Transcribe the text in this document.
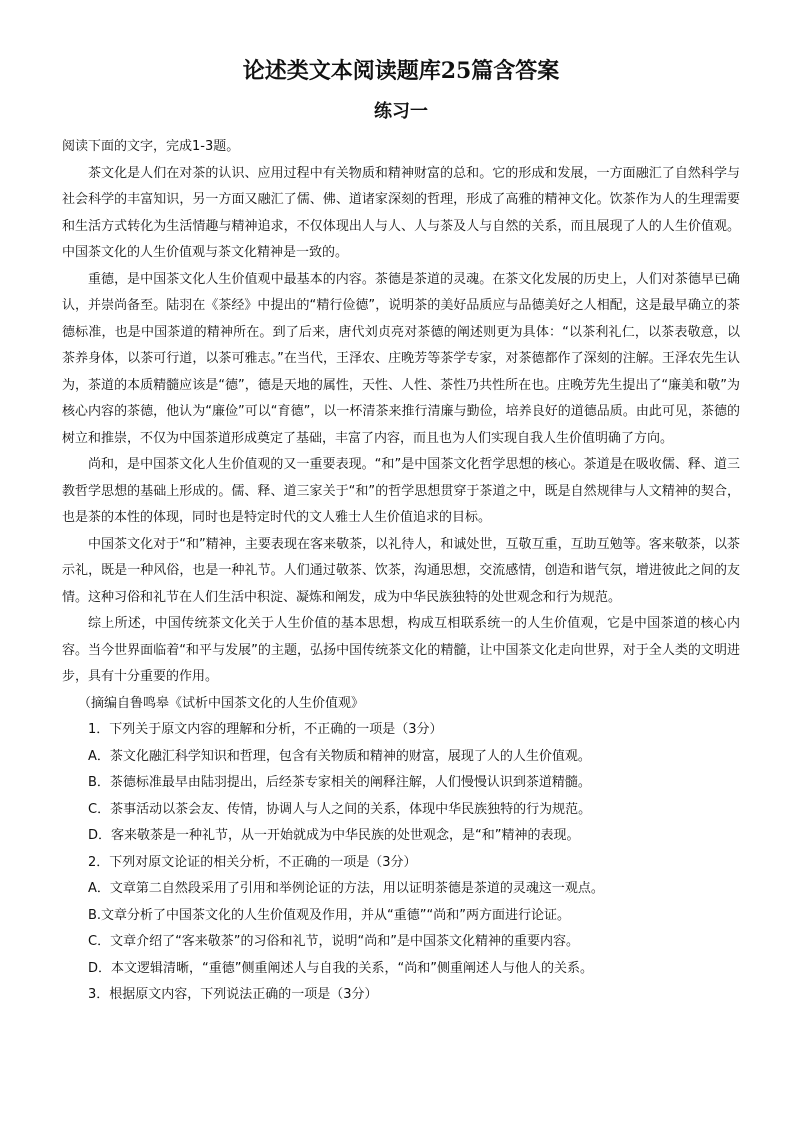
论述类文本阅读题库25篇含答案
练习一
阅读下面的文字，完成1-3题。

茶文化是人们在对茶的认识、应用过程中有关物质和精神财富的总和。它的形成和发展，一方面融汇了自然科学与社会科学的丰富知识，另一方面又融汇了儒、佛、道诸家深刻的哲理，形成了高雅的精神文化。饮茶作为人的生理需要和生活方式转化为生活情趣与精神追求，不仅体现出人与人、人与茶及人与自然的关系，而且展现了人的人生价值观。中国茶文化的人生价值观与茶文化精神是一致的。

重德，是中国茶文化人生价值观中最基本的内容。茶德是茶道的灵魂。在茶文化发展的历史上，人们对茶德早已确认，并崇尚备至。陆羽在《茶经》中提出的“精行俭德”，说明茶的美好品质应与品德美好之人相配，这是最早确立的茶德标准，也是中国茶道的精神所在。到了后来，唐代刘贞亮对茶德的阐述则更为具体：“以茶利礼仁，以茶表敬意，以茶养身体，以茶可行道，以茶可雅志。”在当代，王泽农、庄晚芳等茶学专家，对茶德都作了深刻的注解。王泽农先生认为，茶道的本质精髓应该是“德”，德是天地的属性，天性、人性、茶性乃共性所在也。庄晚芳先生提出了“廉美和敬”为核心内容的茶德，他认为“廉俭”可以“育德”，以一杯清茶来推行清廉与勤俭，培养良好的道德品质。由此可见，茶德的树立和推崇，不仅为中国茶道形成奠定了基础，丰富了内容，而且也为人们实现自我人生价值明确了方向。

尚和，是中国茶文化人生价值观的又一重要表现。“和”是中国茶文化哲学思想的核心。茶道是在吸收儒、释、道三教哲学思想的基础上形成的。儒、释、道三家关于“和”的哲学思想贯穿于茶道之中，既是自然规律与人文精神的契合，也是茶的本性的体现，同时也是特定时代的文人雅士人生价值追求的目标。

中国茶文化对于“和”精神，主要表现在客来敬茶，以礼待人，和诚处世，互敬互重，互助互勉等。客来敬茶，以茶示礼，既是一种风俗，也是一种礼节。人们通过敬茶、饮茶，沟通思想，交流感情，创造和谐气氛，增进彼此之间的友情。这种习俗和礼节在人们生活中积淀、凝炼和阐发，成为中华民族独特的处世观念和行为规范。

综上所述，中国传统茶文化关于人生价值的基本思想，构成互相联系统一的人生价值观，它是中国茶道的核心内容。当今世界面临着“和平与发展”的主题，弘扬中国传统茶文化的精髓，让中国茶文化走向世界，对于全人类的文明进步，具有十分重要的作用。

（摘编自鲁鸣皋《试析中国茶文化的人生价值观》
1．下列关于原文内容的理解和分析，不正确的一项是（3分）
A．茶文化融汇科学知识和哲理，包含有关物质和精神的财富，展现了人的人生价值观。
B．茶德标准最早由陆羽提出，后经茶专家相关的阐释注解，人们慢慢认识到茶道精髓。
C．茶事活动以茶会友、传情，协调人与人之间的关系，体现中华民族独特的行为规范。
D．客来敬茶是一种礼节，从一开始就成为中华民族的处世观念，是“和”精神的表现。
2．下列对原文论证的相关分析，不正确的一项是（3分）
A．文章第二自然段采用了引用和举例论证的方法，用以证明茶德是茶道的灵魂这一观点。
B.文章分析了中国茶文化的人生价值观及作用，并从“重德”“尚和”两方面进行论证。
C．文章介绍了“客来敬茶”的习俗和礼节，说明“尚和”是中国茶文化精神的重要内容。
D．本文逻辑清晰，“重德”侧重阐述人与自我的关系，“尚和”侧重阐述人与他人的关系。
3．根据原文内容，下列说法正确的一项是（3分）
